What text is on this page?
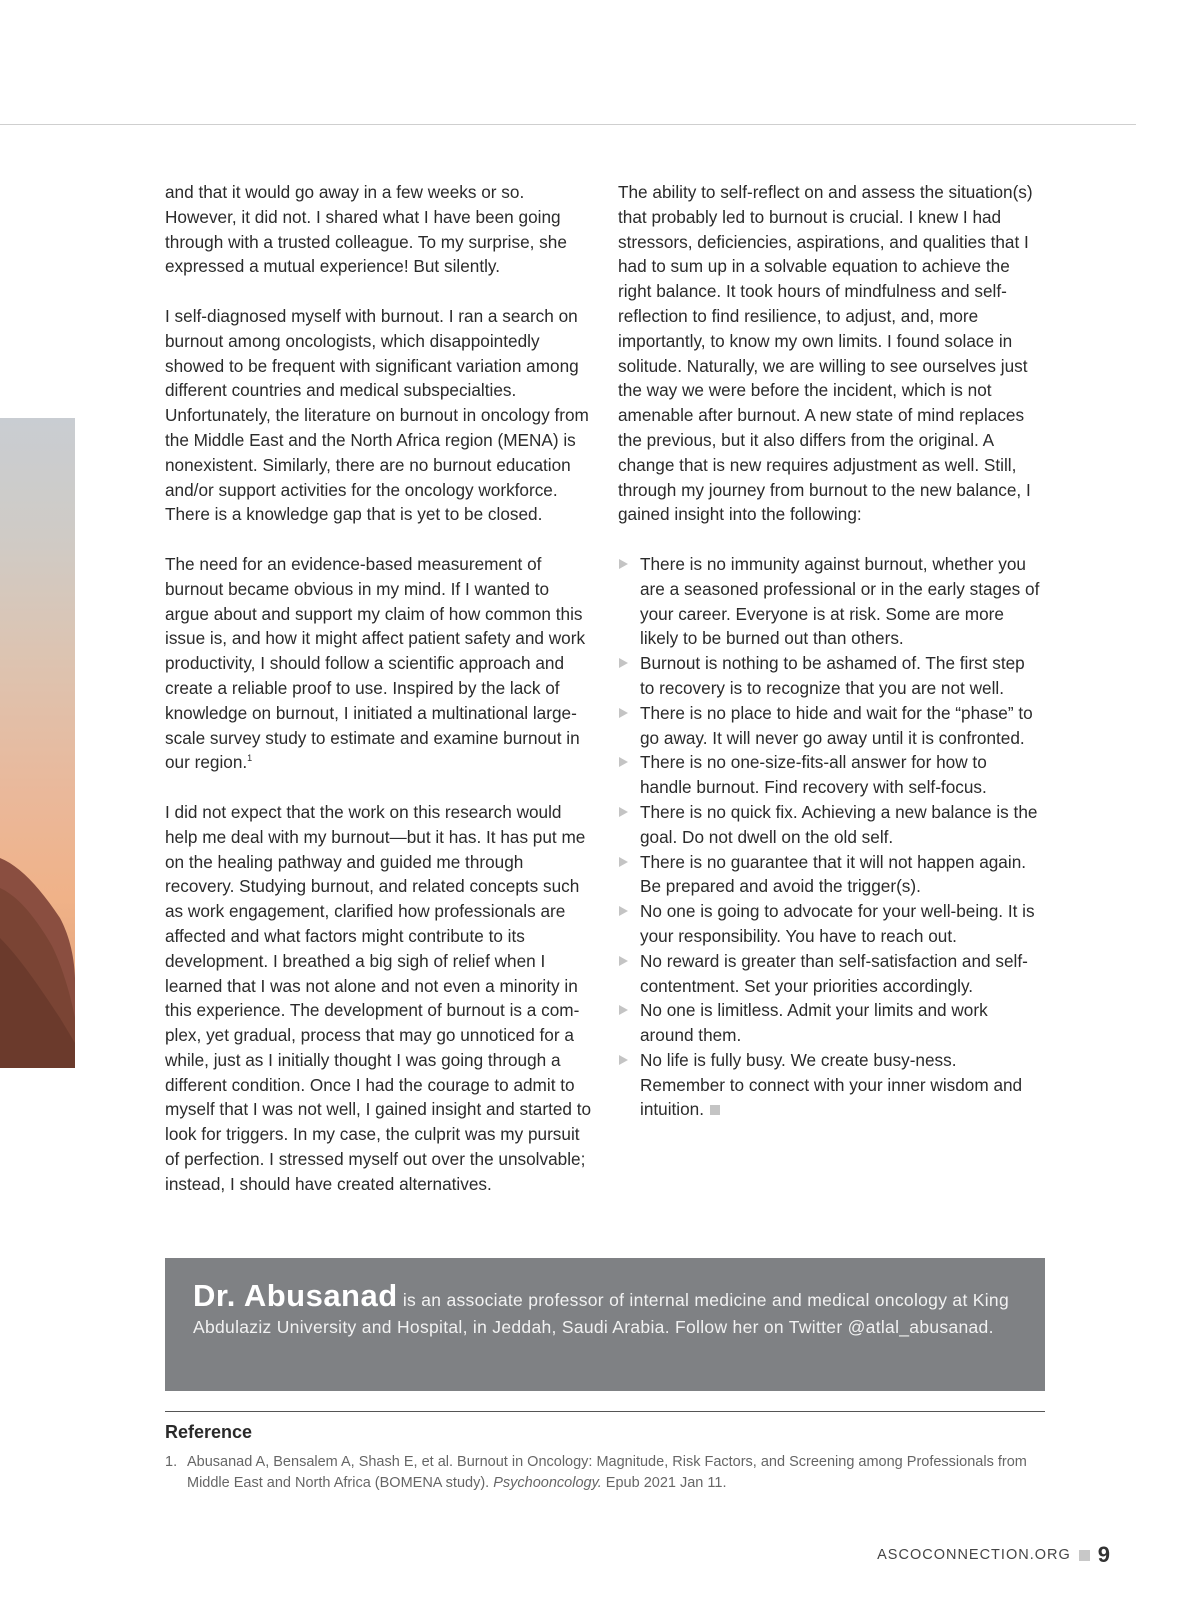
and that it would go away in a few weeks or so. However, it did not. I shared what I have been going through with a trusted colleague. To my surprise, she expressed a mutual experience! But silently.

I self-diagnosed myself with burnout. I ran a search on burnout among oncologists, which disappointedly showed to be frequent with significant variation among different countries and medical subspecialties. Unfortunately, the literature on burnout in oncology from the Middle East and the North Africa region (MENA) is nonexistent. Similarly, there are no burnout education and/or support activities for the oncology workforce. There is a knowledge gap that is yet to be closed.

The need for an evidence-based measurement of burnout became obvious in my mind. If I wanted to argue about and support my claim of how common this issue is, and how it might affect patient safety and work productivity, I should follow a scientific approach and create a reliable proof to use. Inspired by the lack of knowledge on burnout, I initiated a multinational large-scale survey study to estimate and examine burnout in our region.$^1$

I did not expect that the work on this research would help me deal with my burnout—but it has. It has put me on the healing pathway and guided me through recovery. Studying burnout, and related concepts such as work engagement, clarified how professionals are affected and what factors might contribute to its development. I breathed a big sigh of relief when I learned that I was not alone and not even a minority in this experience. The development of burnout is a complex, yet gradual, process that may go unnoticed for a while, just as I initially thought I was going through a different condition. Once I had the courage to admit to myself that I was not well, I gained insight and started to look for triggers. In my case, the culprit was my pursuit of perfection. I stressed myself out over the unsolvable; instead, I should have created alternatives.

The ability to self-reflect on and assess the situation(s) that probably led to burnout is crucial. I knew I had stressors, deficiencies, aspirations, and qualities that I had to sum up in a solvable equation to achieve the right balance. It took hours of mindfulness and self-reflection to find resilience, to adjust, and, more importantly, to know my own limits. I found solace in solitude. Naturally, we are willing to see ourselves just the way we were before the incident, which is not amenable after burnout. A new state of mind replaces the previous, but it also differs from the original. A change that is new requires adjustment as well. Still, through my journey from burnout to the new balance, I gained insight into the following:

There is no immunity against burnout, whether you are a seasoned professional or in the early stages of your career. Everyone is at risk. Some are more likely to be burned out than others.
Burnout is nothing to be ashamed of. The first step to recovery is to recognize that you are not well.
There is no place to hide and wait for the “phase” to go away. It will never go away until it is confronted.
There is no one-size-fits-all answer for how to handle burnout. Find recovery with self-focus.
There is no quick fix. Achieving a new balance is the goal. Do not dwell on the old self.
There is no guarantee that it will not happen again. Be prepared and avoid the trigger(s).
No one is going to advocate for your well-being. It is your responsibility. You have to reach out.
No reward is greater than self-satisfaction and self-contentment. Set your priorities accordingly.
No one is limitless. Admit your limits and work around them.
No life is fully busy. We create busy-ness. Remember to connect with your inner wisdom and intuition.
Dr. Abusanad is an associate professor of internal medicine and medical oncology at King Abdulaziz University and Hospital, in Jeddah, Saudi Arabia. Follow her on Twitter @atlal_abusanad.
Reference
1. Abusanad A, Bensalem A, Shash E, et al. Burnout in Oncology: Magnitude, Risk Factors, and Screening among Professionals from Middle East and North Africa (BOMENA study). Psychooncology. Epub 2021 Jan 11.
ASCOCONNECTION.ORG 9
